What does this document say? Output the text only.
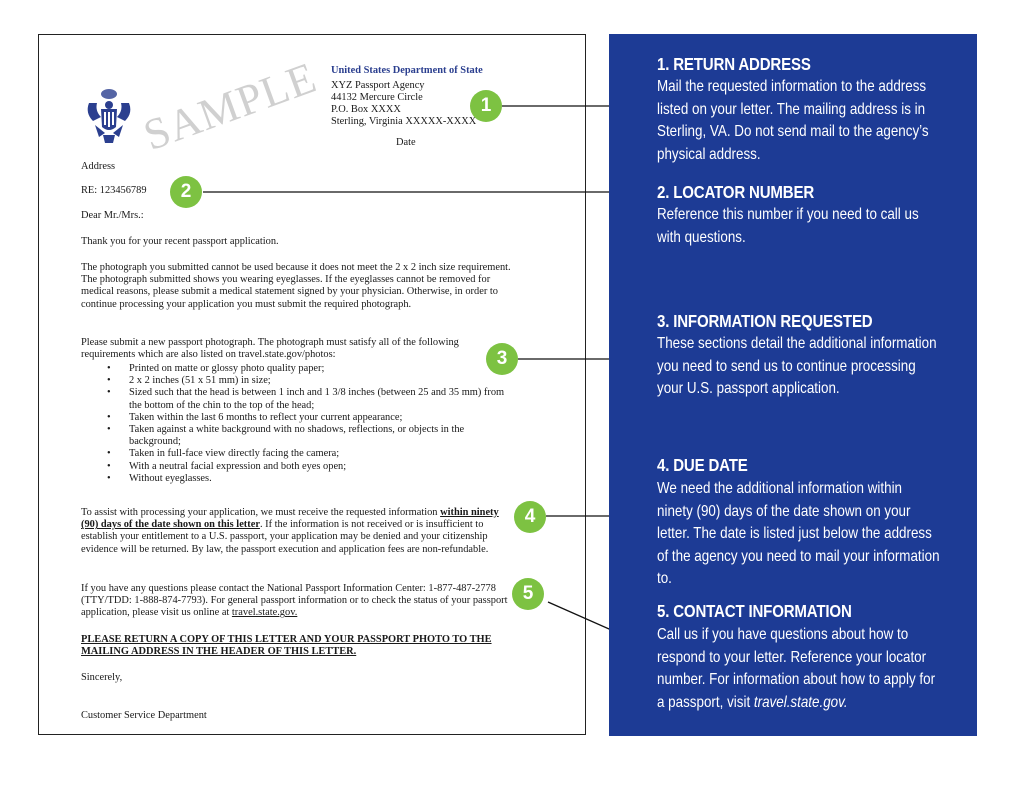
SAMPLE United States Department of State
XYZ Passport Agency
44132 Mercure Circle
P.O. Box XXXX
Sterling, Virginia XXXXX-XXXX
Date
Address
RE: 123456789
Dear Mr./Mrs.:
Thank you for your recent passport application.
The photograph you submitted cannot be used because it does not meet the 2 x 2 inch size requirement. The photograph submitted shows you wearing eyeglasses. If the eyeglasses cannot be removed for medical reasons, please submit a medical statement signed by your physician. Otherwise, in order to continue processing your application you must submit the required photograph.
Please submit a new passport photograph. The photograph must satisfy all of the following requirements which are also listed on travel.state.gov/photos:
• Printed on matte or glossy photo quality paper;
• 2 x 2 inches (51 x 51 mm) in size;
• Sized such that the head is between 1 inch and 1 3/8 inches (between 25 and 35 mm) from the bottom of the chin to the top of the head;
• Taken within the last 6 months to reflect your current appearance;
• Taken against a white background with no shadows, reflections, or objects in the background;
• Taken in full-face view directly facing the camera;
• With a neutral facial expression and both eyes open;
• Without eyeglasses.
To assist with processing your application, we must receive the requested information within ninety (90) days of the date shown on this letter. If the information is not received or is insufficient to establish your entitlement to a U.S. passport, your application may be denied and your citizenship evidence will be returned. By law, the passport execution and application fees are non-refundable.
If you have any questions please contact the National Passport Information Center: 1-877-487-2778 (TTY/TDD: 1-888-874-7793). For general passport information or to check the status of your passport application, please visit us online at travel.state.gov.
PLEASE RETURN A COPY OF THIS LETTER AND YOUR PASSPORT PHOTO TO THE MAILING ADDRESS IN THE HEADER OF THIS LETTER.
Sincerely,
Customer Service Department
1
2
3
4
5
1. RETURN ADDRESS
Mail the requested information to the address listed on your letter. The mailing address is in Sterling, VA. Do not send mail to the agency’s physical address.
2. LOCATOR NUMBER
Reference this number if you need to call us with questions.
3. INFORMATION REQUESTED
These sections detail the additional information you need to send us to continue processing your U.S. passport application.
4. DUE DATE
We need the additional information within ninety (90) days of the date shown on your letter. The date is listed just below the address of the agency you need to mail your information to.
5. CONTACT INFORMATION
Call us if you have questions about how to respond to your letter. Reference your locator number. For information about how to apply for a passport, visit travel.state.gov.
